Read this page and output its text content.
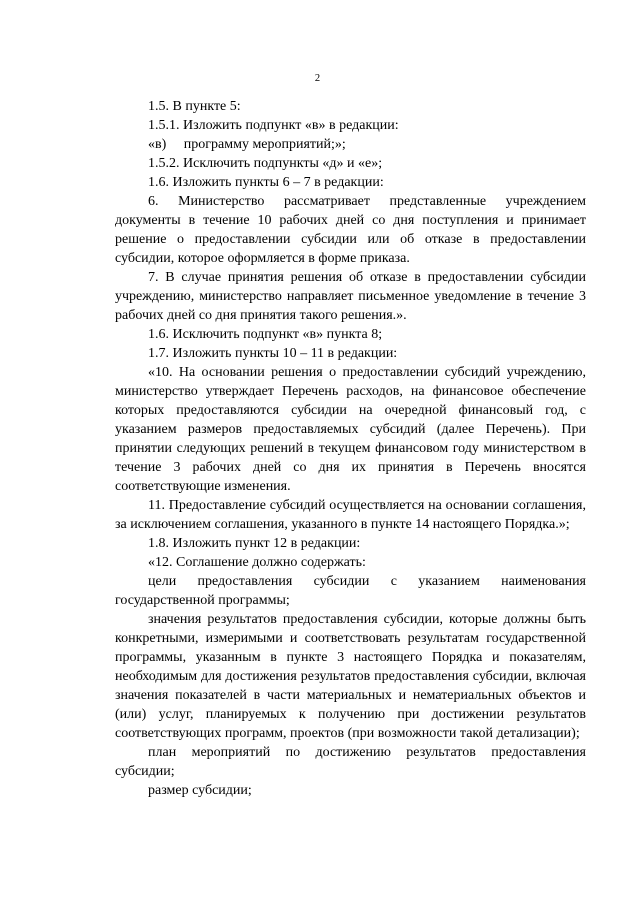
2

1.5. В пункте 5:

1.5.1. Изложить подпункт «в» в редакции:

«в)     программу мероприятий;»;

1.5.2. Исключить подпункты «д» и «е»;

1.6. Изложить пункты 6 – 7 в редакции:

6. Министерство рассматривает представленные учреждением документы в течение 10 рабочих дней со дня поступления и принимает решение о предоставлении субсидии или об отказе в предоставлении субсидии, которое оформляется в форме приказа.

7. В случае принятия решения об отказе в предоставлении субсидии учреждению, министерство направляет письменное уведомление в течение 3 рабочих дней со дня принятия такого решения.».

1.6. Исключить подпункт «в» пункта 8;

1.7. Изложить пункты 10 – 11 в редакции:

«10. На основании решения о предоставлении субсидий учреждению, министерство утверждает Перечень расходов, на финансовое обеспечение которых предоставляются субсидии на очередной финансовый год, с указанием размеров предоставляемых субсидий (далее Перечень). При принятии следующих решений в текущем финансовом году министерством в течение 3 рабочих дней со дня их принятия в Перечень вносятся соответствующие изменения.

11. Предоставление субсидий осуществляется на основании соглашения, за исключением соглашения, указанного в пункте 14 настоящего Порядка.»;

1.8. Изложить пункт 12 в редакции:

«12. Соглашение должно содержать:

цели предоставления субсидии с указанием наименования государственной программы;

значения результатов предоставления субсидии, которые должны быть конкретными, измеримыми и соответствовать результатам государственной программы, указанным в пункте 3 настоящего Порядка и показателям, необходимым для достижения результатов предоставления субсидии, включая значения показателей в части материальных и нематериальных объектов и (или) услуг, планируемых к получению при достижении результатов соответствующих программ, проектов (при возможности такой детализации);

план мероприятий по достижению результатов предоставления субсидии;

размер субсидии;
